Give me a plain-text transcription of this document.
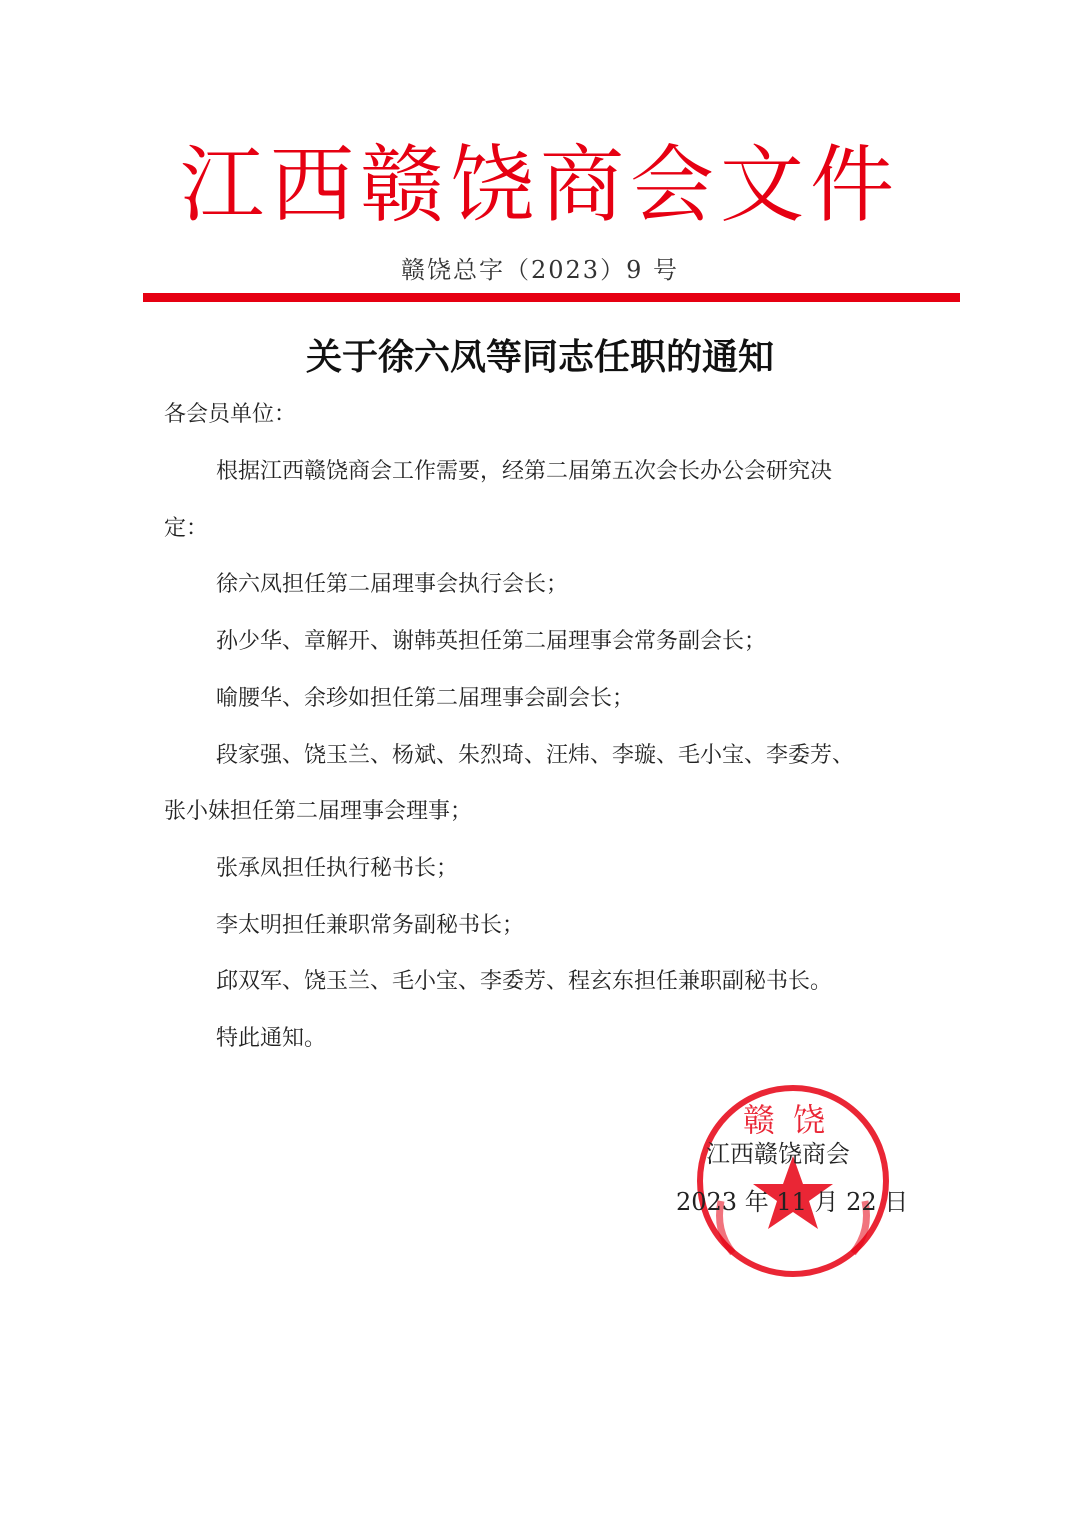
江西赣饶商会文件
赣饶总字（2023）9 号
关于徐六凤等同志任职的通知
各会员单位：
根据江西赣饶商会工作需要，经第二届第五次会长办公会研究决
定：
徐六凤担任第二届理事会执行会长；
孙少华、章解开、谢韩英担任第二届理事会常务副会长；
喻腰华、余珍如担任第二届理事会副会长；
段家强、饶玉兰、杨斌、朱烈琦、汪炜、李璇、毛小宝、李委芳、
张小妹担任第二届理事会理事；
张承凤担任执行秘书长；
李太明担任兼职常务副秘书长；
邱双军、饶玉兰、毛小宝、李委芳、程玄东担任兼职副秘书长。
特此通知。
赣饶
江西赣饶商会
2023 年 11 月 22 日
